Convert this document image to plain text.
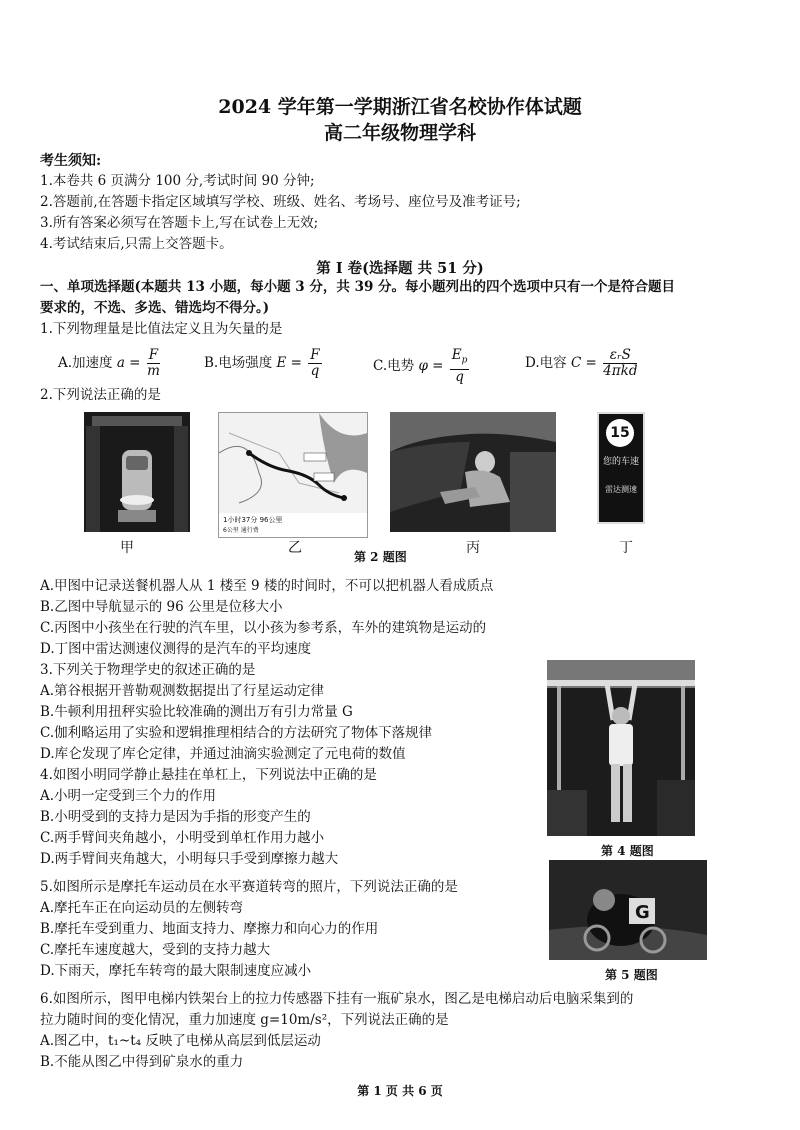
2024 学年第一学期浙江省名校协作体试题
高二年级物理学科
考生须知:
1.本卷共 6 页满分 100 分,考试时间 90 分钟;
2.答题前,在答题卡指定区域填写学校、班级、姓名、考场号、座位号及准考证号;
3.所有答案必须写在答题卡上,写在试卷上无效;
4.考试结束后,只需上交答题卡。
第 I 卷(选择题 共 51 分)
一、单项选择题(本题共 13 小题，每小题 3 分，共 39 分。每小题列出的四个选项中只有一个是符合题目
要求的，不选、多选、错选均不得分。)
1.下列物理量是比值法定义且为矢量的是
A.加速度 $a = \frac{F}{m}$	B.电场强度 $E = \frac{F}{q}$	C.电势 $\varphi = \frac{E_p}{q}$	D.电容 $C = \frac{\text{εᵣS}}{\text{4πkd}}$
2.下列说法正确的是
甲
1小时37分 96公里
6公里 通行费
乙	丙
15
您的车速
雷达测速
丁
第 2 题图
A.甲图中记录送餐机器人从 1 楼至 9 楼的时间时，不可以把机器人看成质点
B.乙图中导航显示的 96 公里是位移大小
C.丙图中小孩坐在行驶的汽车里，以小孩为参考系，车外的建筑物是运动的
D.丁图中雷达测速仪测得的是汽车的平均速度
3.下列关于物理学史的叙述正确的是
A.第谷根据开普勒观测数据提出了行星运动定律
B.牛顿利用扭秤实验比较准确的测出万有引力常量 G
C.伽利略运用了实验和逻辑推理相结合的方法研究了物体下落规律
D.库仑发现了库仑定律，并通过油滴实验测定了元电荷的数值
第 4 题图
4.如图小明同学静止悬挂在单杠上，下列说法中正确的是
A.小明一定受到三个力的作用
B.小明受到的支持力是因为手指的形变产生的
C.两手臂间夹角越小，小明受到单杠作用力越小
D.两手臂间夹角越大，小明每只手受到摩擦力越大
G
第 5 题图
5.如图所示是摩托车运动员在水平赛道转弯的照片，下列说法正确的是
A.摩托车正在向运动员的左侧转弯
B.摩托车受到重力、地面支持力、摩擦力和向心力的作用
C.摩托车速度越大，受到的支持力越大
D.下雨天，摩托车转弯的最大限制速度应减小
6.如图所示，图甲电梯内铁架台上的拉力传感器下挂有一瓶矿泉水，图乙是电梯启动后电脑采集到的
拉力随时间的变化情况，重力加速度 g=10m/s²，下列说法正确的是
A.图乙中，t₁~t₄ 反映了电梯从高层到低层运动
B.不能从图乙中得到矿泉水的重力
第 1 页 共 6 页
